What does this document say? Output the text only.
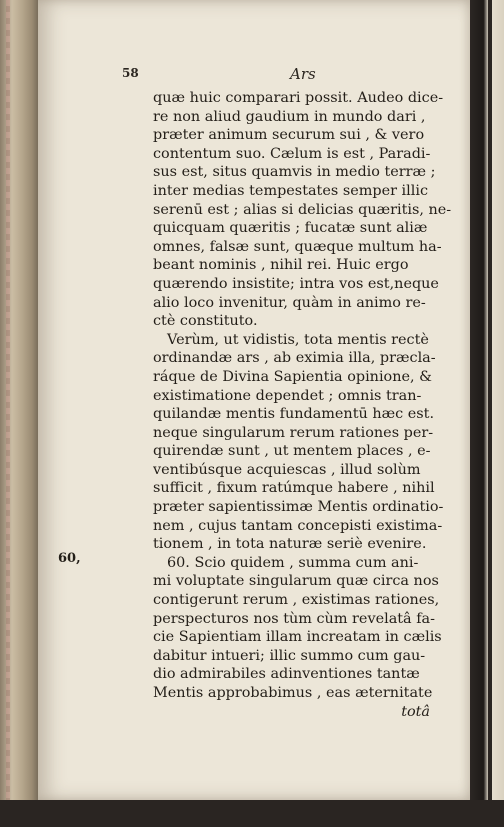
58	Ars
60,
quæ huic comparari possit. Audeo dice-
re non aliud gaudium in mundo dari ,
præter animum securum sui , & vero
contentum suo. Cælum is est , Paradi-
sus est, situs quamvis in medio terræ ;
inter medias tempestates semper illic
serenū est ; alias si delicias quæritis, ne-
quicquam quæritis ; fucatæ sunt aliæ
omnes, falsæ sunt, quæque multum ha-
beant nominis , nihil rei. Huic ergo
quærendo insistite; intra vos est,neque
alio loco invenitur, quàm in animo re-
ctè constituto.
Verùm, ut vidistis, tota mentis rectè
ordinandæ ars , ab eximia illa, præcla-
ráque de Divina Sapientia opinione, &
existimatione dependet ; omnis tran-
quilandæ mentis fundamentū hæc est.
neque singularum rerum rationes per-
quirendæ sunt , ut mentem places , e-
ventibúsque acquiescas , illud solùm
sufficit , fixum ratúmque habere , nihil
præter sapientissimæ Mentis ordinatio-
nem , cujus tantam concepisti existima-
tionem , in tota naturæ seriè evenire.
60. Scio quidem , summa cum ani-
mi voluptate singularum quæ circa nos
contigerunt rerum , existimas rationes,
perspecturos nos tùm cùm revelatâ fa-
cie Sapientiam illam increatam in cælis
dabitur intueri; illic summo cum gau-
dio admirabiles adinventiones tantæ
Mentis approbabimus , eas æternitate
totâ
